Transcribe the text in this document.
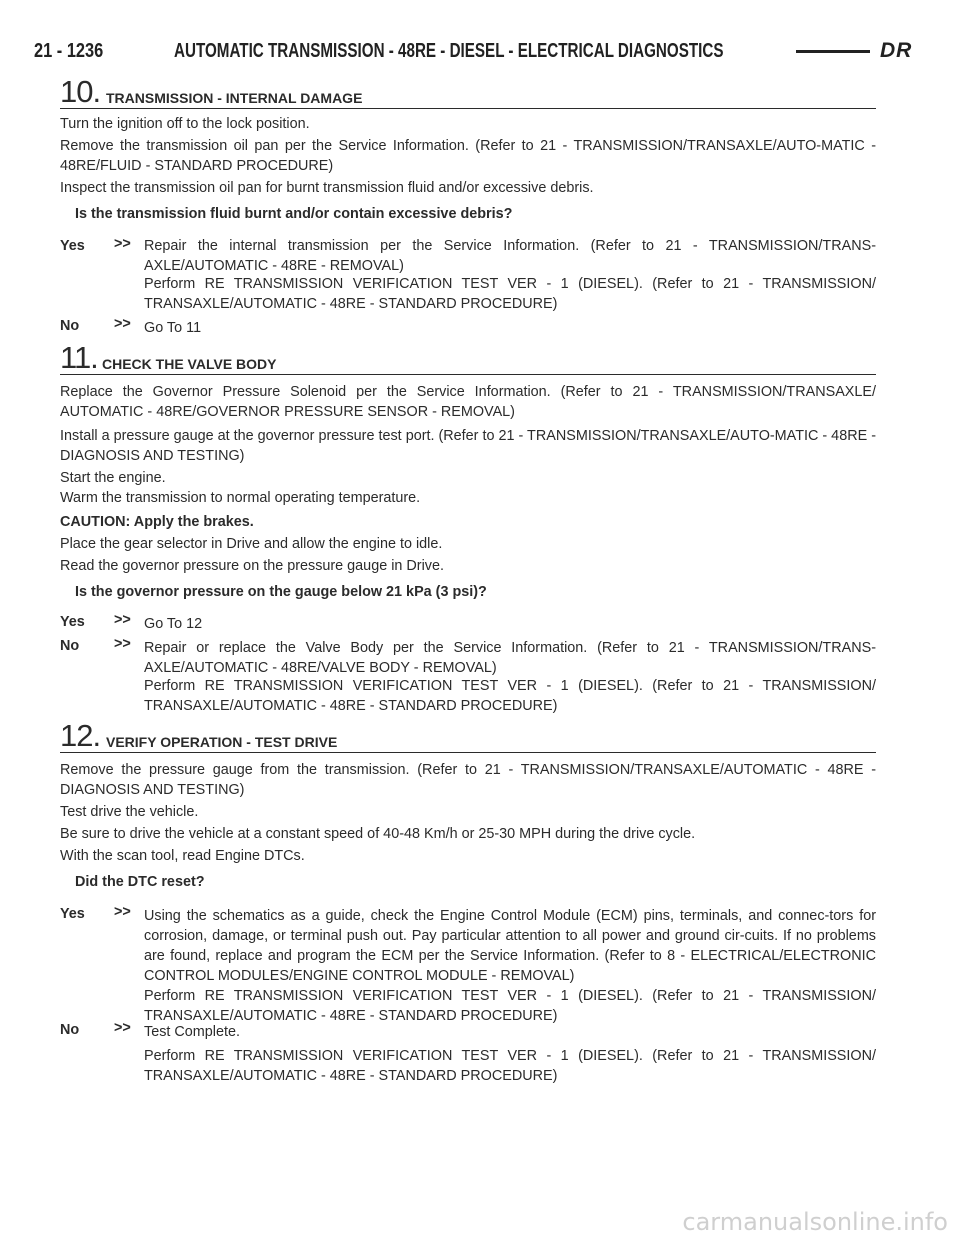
21 - 1236	AUTOMATIC TRANSMISSION - 48RE - DIESEL - ELECTRICAL DIAGNOSTICS	DR
10. TRANSMISSION - INTERNAL DAMAGE
Turn the ignition off to the lock position.
Remove the transmission oil pan per the Service Information. (Refer to 21 - TRANSMISSION/TRANSAXLE/AUTO-MATIC - 48RE/FLUID - STANDARD PROCEDURE)
Inspect the transmission oil pan for burnt transmission fluid and/or excessive debris.
Is the transmission fluid burnt and/or contain excessive debris?
Yes >> Repair the internal transmission per the Service Information. (Refer to 21 - TRANSMISSION/TRANS-AXLE/AUTOMATIC - 48RE - REMOVAL)
Perform RE TRANSMISSION VERIFICATION TEST VER - 1 (DIESEL). (Refer to 21 - TRANSMISSION/ TRANSAXLE/AUTOMATIC - 48RE - STANDARD PROCEDURE)
No >> Go To 11
11. CHECK THE VALVE BODY
Replace the Governor Pressure Solenoid per the Service Information. (Refer to 21 - TRANSMISSION/TRANSAXLE/ AUTOMATIC - 48RE/GOVERNOR PRESSURE SENSOR - REMOVAL)
Install a pressure gauge at the governor pressure test port. (Refer to 21 - TRANSMISSION/TRANSAXLE/AUTO-MATIC - 48RE - DIAGNOSIS AND TESTING)
Start the engine.
Warm the transmission to normal operating temperature.
CAUTION: Apply the brakes.
Place the gear selector in Drive and allow the engine to idle.
Read the governor pressure on the pressure gauge in Drive.
Is the governor pressure on the gauge below 21 kPa (3 psi)?
Yes >> Go To 12
No >> Repair or replace the Valve Body per the Service Information. (Refer to 21 - TRANSMISSION/TRANS-AXLE/AUTOMATIC - 48RE/VALVE BODY - REMOVAL)
Perform RE TRANSMISSION VERIFICATION TEST VER - 1 (DIESEL). (Refer to 21 - TRANSMISSION/ TRANSAXLE/AUTOMATIC - 48RE - STANDARD PROCEDURE)
12. VERIFY OPERATION - TEST DRIVE
Remove the pressure gauge from the transmission. (Refer to 21 - TRANSMISSION/TRANSAXLE/AUTOMATIC - 48RE - DIAGNOSIS AND TESTING)
Test drive the vehicle.
Be sure to drive the vehicle at a constant speed of 40-48 Km/h or 25-30 MPH during the drive cycle.
With the scan tool, read Engine DTCs.
Did the DTC reset?
Yes >> Using the schematics as a guide, check the Engine Control Module (ECM) pins, terminals, and connec-tors for corrosion, damage, or terminal push out. Pay particular attention to all power and ground cir-cuits. If no problems are found, replace and program the ECM per the Service Information. (Refer to 8 - ELECTRICAL/ELECTRONIC CONTROL MODULES/ENGINE CONTROL MODULE - REMOVAL)
Perform RE TRANSMISSION VERIFICATION TEST VER - 1 (DIESEL). (Refer to 21 - TRANSMISSION/ TRANSAXLE/AUTOMATIC - 48RE - STANDARD PROCEDURE)
No >> Test Complete.
Perform RE TRANSMISSION VERIFICATION TEST VER - 1 (DIESEL). (Refer to 21 - TRANSMISSION/ TRANSAXLE/AUTOMATIC - 48RE - STANDARD PROCEDURE)
carmanualsonline.info
